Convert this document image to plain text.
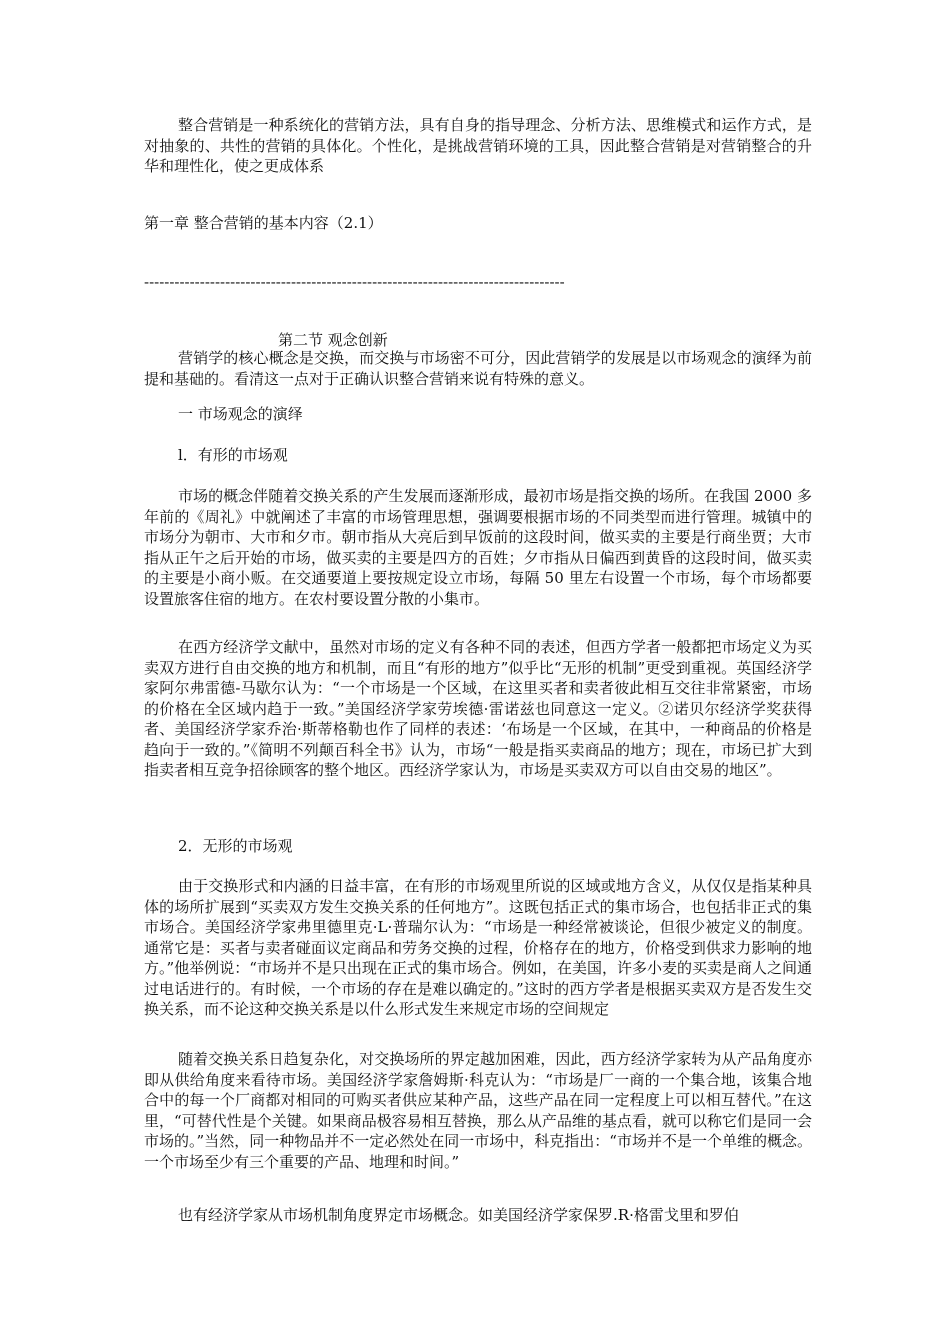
整合营销是一种系统化的营销方法，具有自身的指导理念、分析方法、思维模式和运作方式，是对抽象的、共性的营销的具体化。个性化，是挑战营销环境的工具，因此整合营销是对营销整合的升华和理性化，使之更成体系

第一章 整合营销的基本内容（2.1）

-----------------------------------------------------------------------------------

第二节 观念创新

营销学的核心概念是交换，而交换与市场密不可分，因此营销学的发展是以市场观念的演绎为前提和基础的。看清这一点对于正确认识整合营销来说有特殊的意义。

一 市场观念的演绎

l．有形的市场观

市场的概念伴随着交换关系的产生发展而逐渐形成，最初市场是指交换的场所。在我国 2000 多年前的《周礼》中就阐述了丰富的市场管理思想，强调要根据市场的不同类型而进行管理。城镇中的市场分为朝市、大市和夕市。朝市指从大亮后到早饭前的这段时间，做买卖的主要是行商坐贾；大市指从正午之后开始的市场，做买卖的主要是四方的百姓；夕市指从日偏西到黄昏的这段时间，做买卖的主要是小商小贩。在交通要道上要按规定设立市场，每隔 50 里左右设置一个市场，每个市场都要设置旅客住宿的地方。在农村要设置分散的小集市。

在西方经济学文献中，虽然对市场的定义有各种不同的表述，但西方学者一般都把市场定义为买卖双方进行自由交换的地方和机制，而且“有形的地方”似乎比“无形的机制”更受到重视。英国经济学家阿尔弗雷德-马歇尔认为：“一个市场是一个区域，在这里买者和卖者彼此相互交往非常紧密，市场的价格在全区域内趋于一致。”美国经济学家劳埃德·雷诺兹也同意这一定义。②诺贝尔经济学奖获得者、美国经济学家乔治·斯蒂格勒也作了同样的表述：‘布场是一个区域，在其中，一种商品的价格是趋向于一致的。”《简明不列颠百科全书》认为，市场“一般是指买卖商品的地方；现在，市场已扩大到指卖者相互竞争招徐顾客的整个地区。西经济学家认为，市场是买卖双方可以自由交易的地区”。

2．无形的市场观

由于交换形式和内涵的日益丰富，在有形的市场观里所说的区域或地方含义，从仅仅是指某种具体的场所扩展到“买卖双方发生交换关系的任何地方”。这既包括正式的集市场合，也包括非正式的集市场合。美国经济学家弗里德里克·L·普瑞尔认为：“市场是一种经常被谈论，但很少被定义的制度。通常它是：买者与卖者碰面议定商品和劳务交换的过程，价格存在的地方，价格受到供求力影响的地方。”他举例说：“市场并不是只出现在正式的集市场合。例如，在美国，许多小麦的买卖是商人之间通过电话进行的。有时候，一个市场的存在是难以确定的。”这时的西方学者是根据买卖双方是否发生交换关系，而不论这种交换关系是以什么形式发生来规定市场的空间规定

随着交换关系日趋复杂化，对交换场所的界定越加困难，因此，西方经济学家转为从产品角度亦即从供给角度来看待市场。美国经济学家詹姆斯·科克认为：“市场是厂一商的一个集合地，该集合地合中的每一个厂商都对相同的可购买者供应某种产品，这些产品在同一定程度上可以相互替代。”在这里，“可替代性是个关键。如果商品极容易相互替换，那么从产品维的基点看，就可以称它们是同一会市场的。”当然，同一种物品并不一定必然处在同一市场中，科克指出：“市场并不是一个单维的概念。一个市场至少有三个重要的产品、地理和时间。”

也有经济学家从市场机制角度界定市场概念。如美国经济学家保罗.R·格雷戈里和罗伯
